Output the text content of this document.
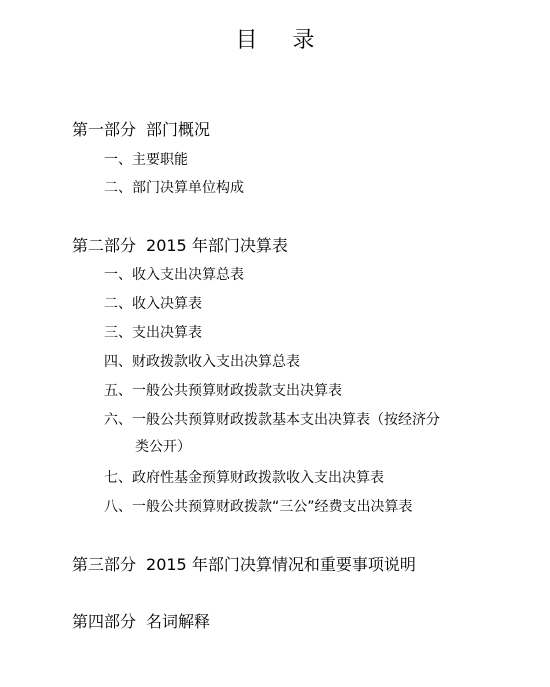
目 录
第一部分 部门概况
一、主要职能
二、部门决算单位构成
第二部分 2015 年部门决算表
一、收入支出决算总表
二、收入决算表
三、支出决算表
四、财政拨款收入支出决算总表
五、一般公共预算财政拨款支出决算表
六、一般公共预算财政拨款基本支出决算表（按经济分
类公开）
七、政府性基金预算财政拨款收入支出决算表
八、一般公共预算财政拨款“三公”经费支出决算表
第三部分 2015 年部门决算情况和重要事项说明
第四部分 名词解释
